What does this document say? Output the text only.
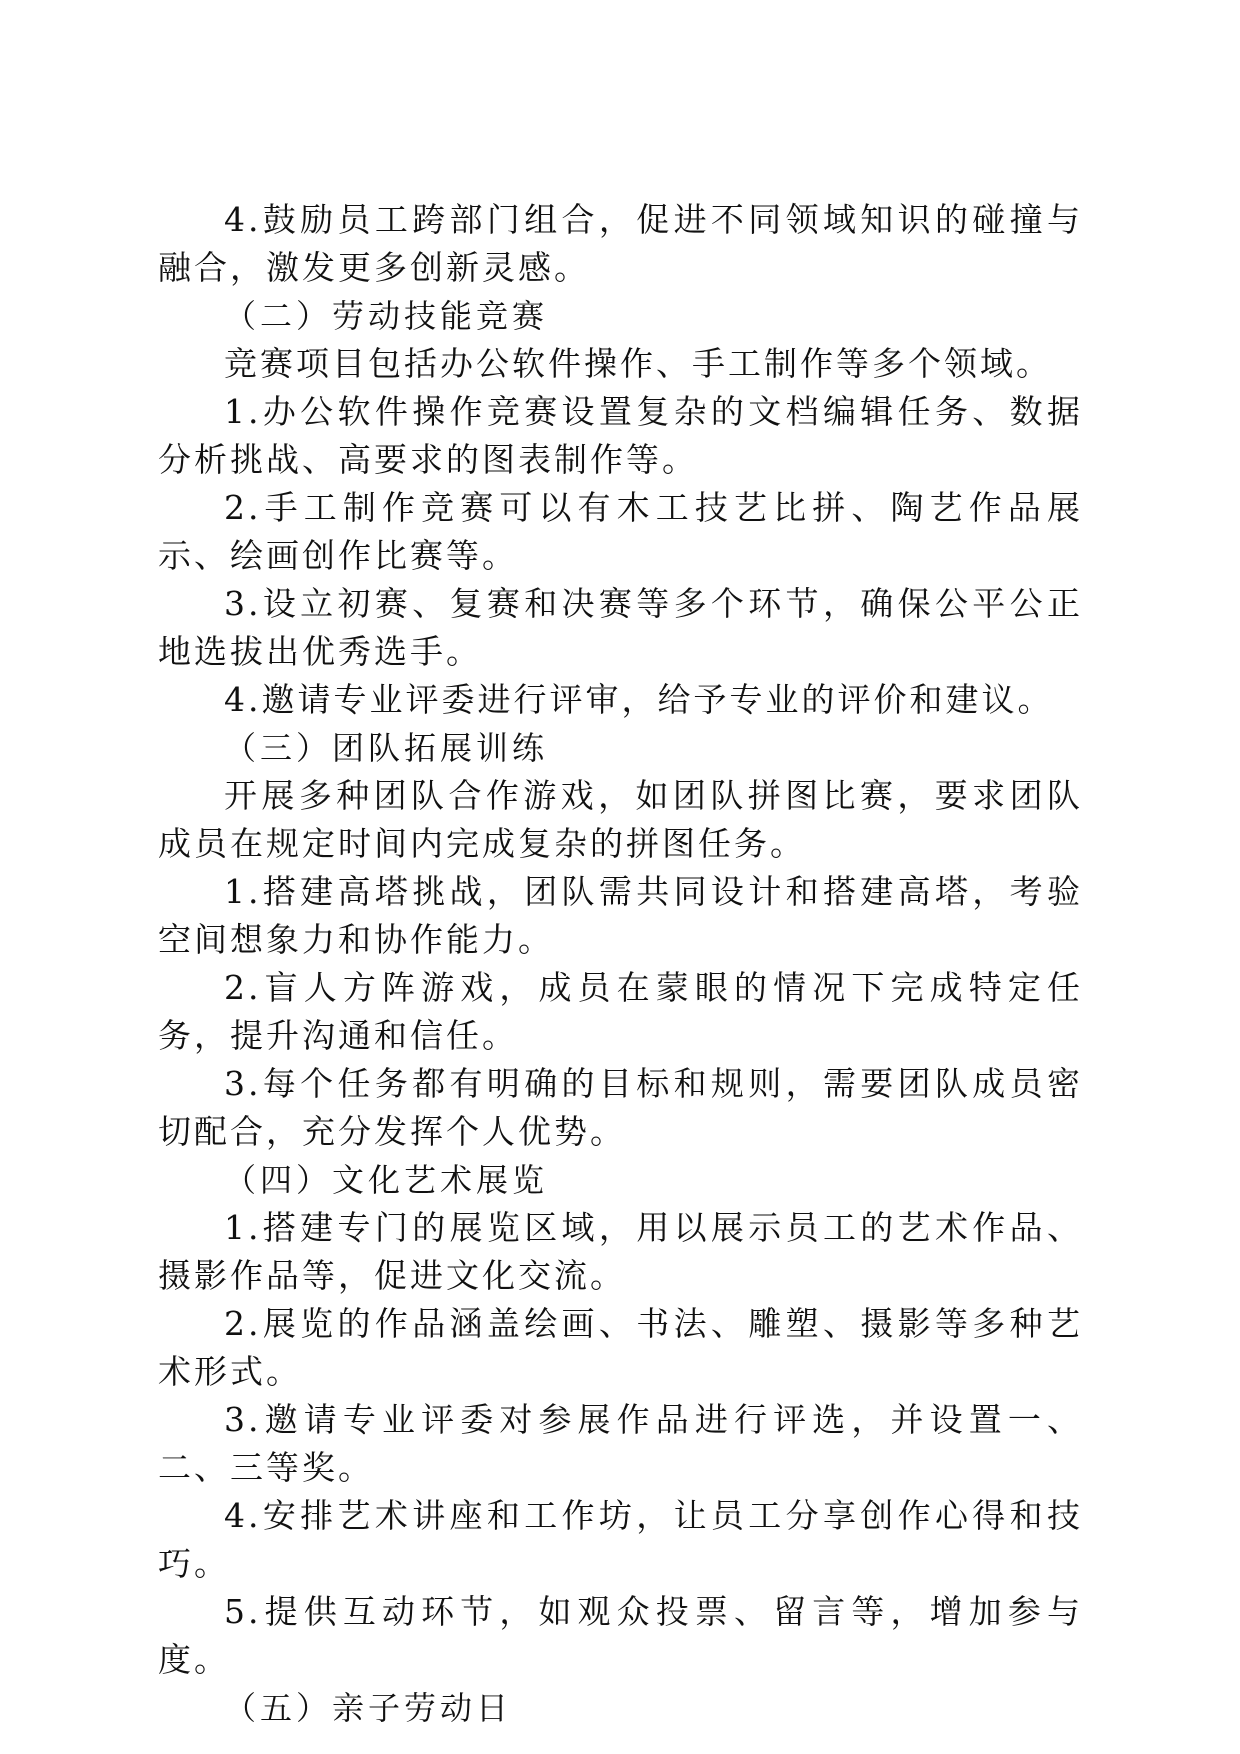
4.鼓励员工跨部门组合，促进不同领域知识的碰撞与融合，激发更多创新灵感。

（二）劳动技能竞赛

竞赛项目包括办公软件操作、手工制作等多个领域。

1.办公软件操作竞赛设置复杂的文档编辑任务、数据分析挑战、高要求的图表制作等。

2.手工制作竞赛可以有木工技艺比拼、陶艺作品展示、绘画创作比赛等。

3.设立初赛、复赛和决赛等多个环节，确保公平公正地选拔出优秀选手。

4.邀请专业评委进行评审，给予专业的评价和建议。

（三）团队拓展训练

开展多种团队合作游戏，如团队拼图比赛，要求团队成员在规定时间内完成复杂的拼图任务。

1.搭建高塔挑战，团队需共同设计和搭建高塔，考验空间想象力和协作能力。

2.盲人方阵游戏，成员在蒙眼的情况下完成特定任务，提升沟通和信任。

3.每个任务都有明确的目标和规则，需要团队成员密切配合，充分发挥个人优势。

（四）文化艺术展览

1.搭建专门的展览区域，用以展示员工的艺术作品、摄影作品等，促进文化交流。

2.展览的作品涵盖绘画、书法、雕塑、摄影等多种艺术形式。

3.邀请专业评委对参展作品进行评选，并设置一、二、三等奖。

4.安排艺术讲座和工作坊，让员工分享创作心得和技巧。

5.提供互动环节，如观众投票、留言等，增加参与度。

（五）亲子劳动日
